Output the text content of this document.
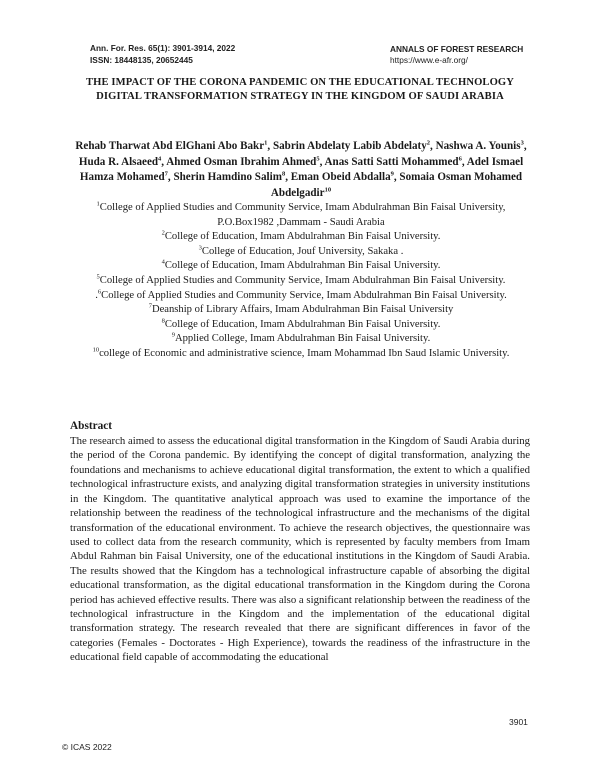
Ann. For. Res. 65(1): 3901-3914, 2022
ISSN: 18448135, 20652445
ANNALS OF FOREST RESEARCH
https://www.e-afr.org/
THE IMPACT OF THE CORONA PANDEMIC ON THE EDUCATIONAL TECHNOLOGY DIGITAL TRANSFORMATION STRATEGY IN THE KINGDOM OF SAUDI ARABIA
Rehab Tharwat Abd ElGhani Abo Bakr$^1$, Sabrin Abdelaty Labib Abdelaty$^2$, Nashwa A. Younis$^3$, Huda R. Alsaeed$^4$, Ahmed Osman Ibrahim Ahmed$^5$, Anas Satti Satti Mohammed$^6$, Adel Ismael Hamza Mohamed$^7$, Sherin Hamdino Salim$^8$, Eman Obeid Abdalla$^9$, Somaia Osman Mohamed Abdelgadir$^{10}$

$^1$College of Applied Studies and Community Service, Imam Abdulrahman Bin Faisal University, P.O.Box1982 ,Dammam - Saudi Arabia

$^2$College of Education, Imam Abdulrahman Bin Faisal University.

$^3$College of Education, Jouf University, Sakaka .

$^4$College of Education, Imam Abdulrahman Bin Faisal University.

$^5$College of Applied Studies and Community Service, Imam Abdulrahman Bin Faisal University.

.$^6$College of Applied Studies and Community Service, Imam Abdulrahman Bin Faisal University.

$^7$Deanship of Library Affairs, Imam Abdulrahman Bin Faisal University

$^8$College of Education, Imam Abdulrahman Bin Faisal University.

$^9$Applied College, Imam Abdulrahman Bin Faisal University.

$^{10}$college of Economic and administrative science, Imam Mohammad Ibn Saud Islamic University.

Abstract
The research aimed to assess the educational digital transformation in the Kingdom of Saudi Arabia during the period of the Corona pandemic. By identifying the concept of digital transformation, analyzing the foundations and mechanisms to achieve educational digital transformation, the extent to which a qualified technological infrastructure exists, and analyzing digital transformation strategies in university institutions in the Kingdom. The quantitative analytical approach was used to examine the importance of the relationship between the readiness of the technological infrastructure and the mechanisms of the digital transformation of the educational environment. To achieve the research objectives, the questionnaire was used to collect data from the research community, which is represented by faculty members from Imam Abdul Rahman bin Faisal University, one of the educational institutions in the Kingdom of Saudi Arabia. The results showed that the Kingdom has a technological infrastructure capable of absorbing the digital educational transformation, as the digital educational transformation in the Kingdom during the Corona period has achieved effective results. There was also a significant relationship between the readiness of the technological infrastructure in the Kingdom and the implementation of the educational digital transformation strategy. The research revealed that there are significant differences in favor of the categories (Females - Doctorates - High Experience), towards the readiness of the infrastructure in the educational field capable of accommodating the educational
© ICAS 2022
3901
